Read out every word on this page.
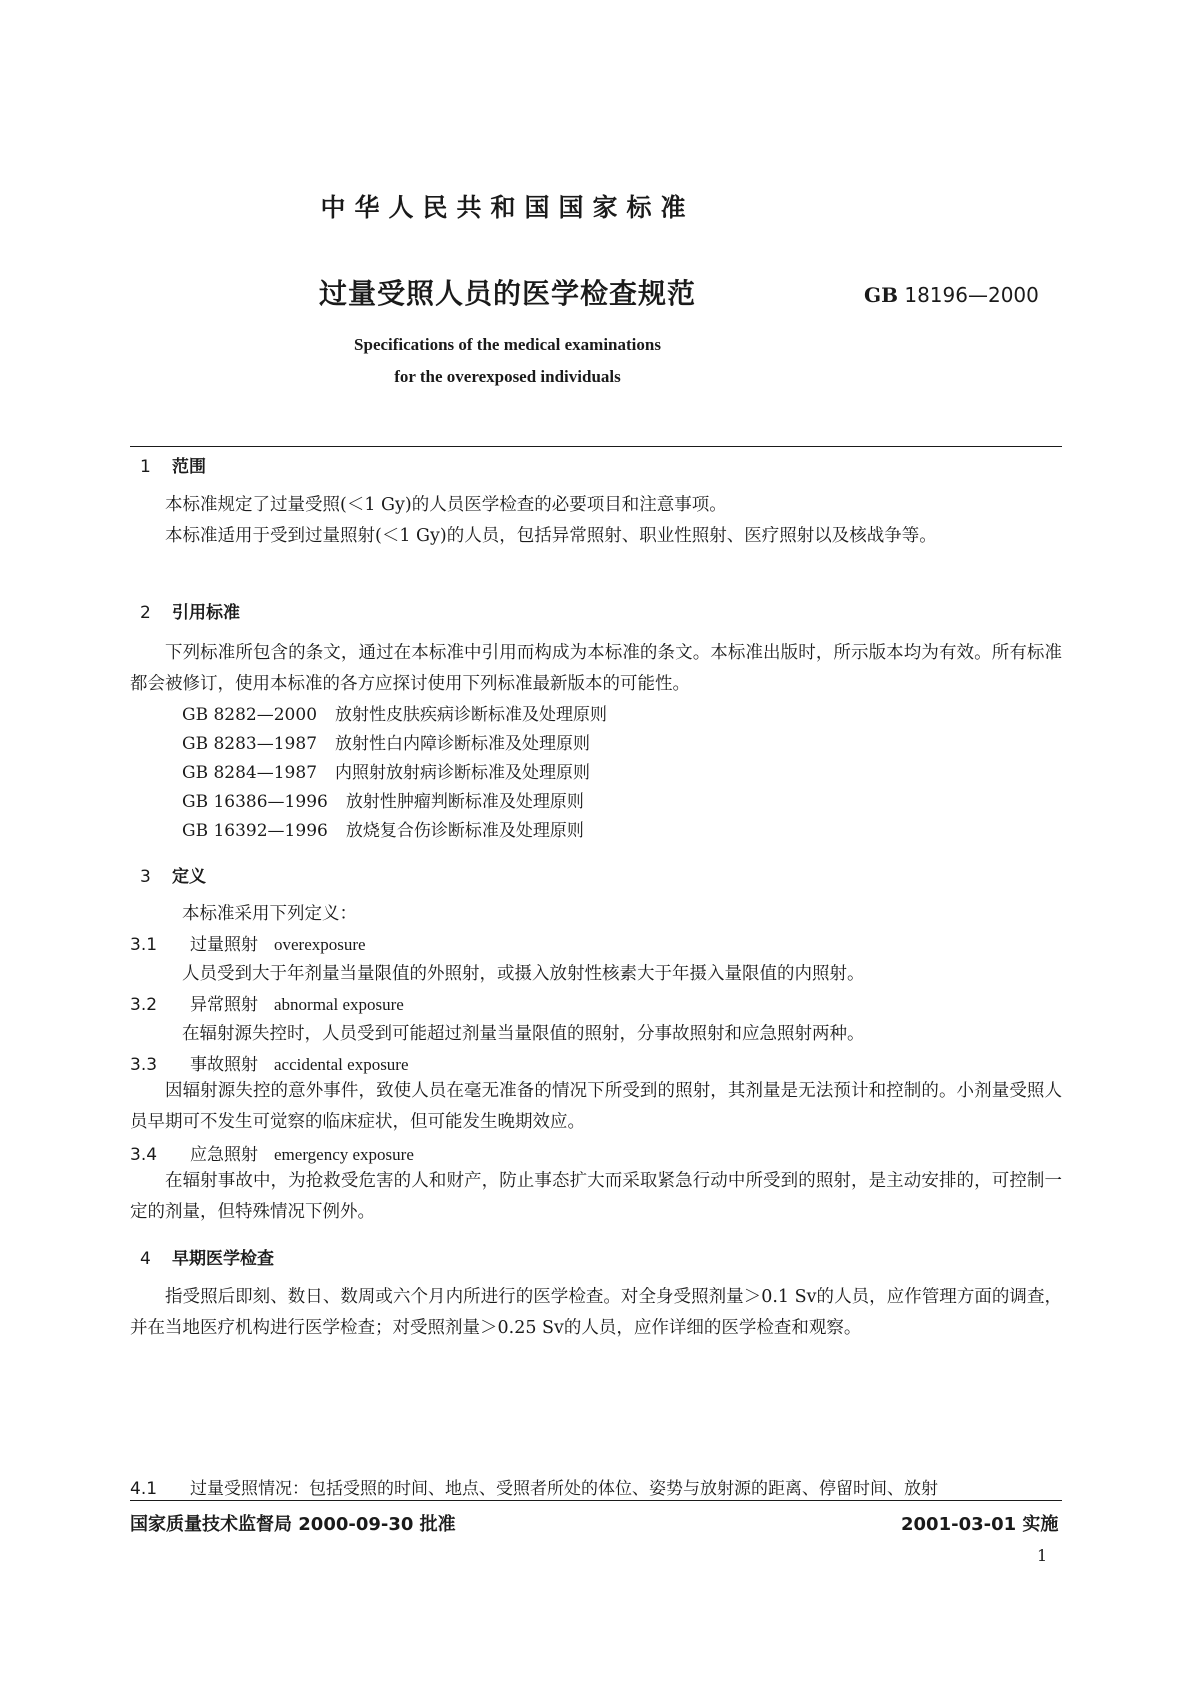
中华人民共和国国家标准
过量受照人员的医学检查规范	GB 18196—2000
Specifications of the medical examinations
for the overexposed individuals
1 范围
本标准规定了过量受照(＜1 Gy)的人员医学检查的必要项目和注意事项。
本标准适用于受到过量照射(＜1 Gy)的人员，包括异常照射、职业性照射、医疗照射以及核战争等。
2 引用标准
下列标准所包含的条文，通过在本标准中引用而构成为本标准的条文。本标准出版时，所示版本均为有效。所有标准都会被修订，使用本标准的各方应探讨使用下列标准最新版本的可能性。
GB 8282—2000 放射性皮肤疾病诊断标准及处理原则
GB 8283—1987 放射性白内障诊断标准及处理原则
GB 8284—1987 内照射放射病诊断标准及处理原则
GB 16386—1996 放射性肿瘤判断标准及处理原则
GB 16392—1996 放烧复合伤诊断标准及处理原则
3 定义
本标准采用下列定义：
3.1 过量照射 overexposure
人员受到大于年剂量当量限值的外照射，或摄入放射性核素大于年摄入量限值的内照射。
3.2 异常照射 abnormal exposure
在辐射源失控时，人员受到可能超过剂量当量限值的照射，分事故照射和应急照射两种。
3.3 事故照射 accidental exposure
因辐射源失控的意外事件，致使人员在毫无准备的情况下所受到的照射，其剂量是无法预计和控制的。小剂量受照人员早期可不发生可觉察的临床症状，但可能发生晚期效应。
3.4 应急照射 emergency exposure
在辐射事故中，为抢救受危害的人和财产，防止事态扩大而采取紧急行动中所受到的照射，是主动安排的，可控制一定的剂量，但特殊情况下例外。
4 早期医学检查
指受照后即刻、数日、数周或六个月内所进行的医学检查。对全身受照剂量＞0.1 Sv的人员，应作管理方面的调查，并在当地医疗机构进行医学检查；对受照剂量＞0.25 Sv的人员，应作详细的医学检查和观察。
4.1 过量受照情况：包括受照的时间、地点、受照者所处的体位、姿势与放射源的距离、停留时间、放射
国家质量技术监督局 2000-09-30 批准	2001-03-01 实施
1
